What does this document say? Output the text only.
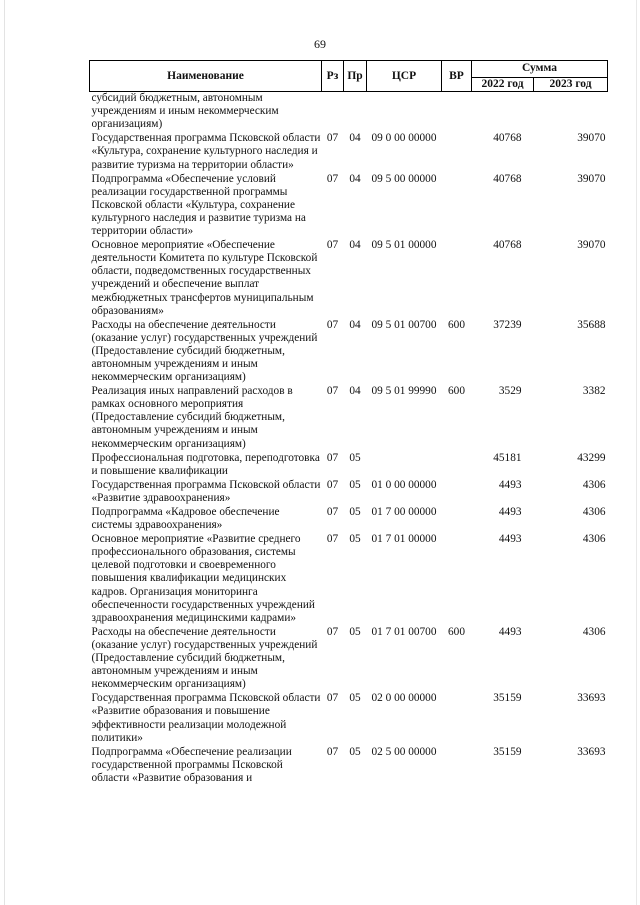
69
Наименование	Рз	Пр	ЦСР	ВР	Сумма	
					2022 год	2023 год
субсидий бюджетным, автономным учреждениям и иным некоммерческим организациям)						
Государственная программа Псковской области «Культура, сохранение культурного наследия и развитие туризма на территории области»	07	04	09 0 00 00000		40768	39070
Подпрограмма «Обеспечение условий реализации государственной программы Псковской области «Культура, сохранение культурного наследия и развитие туризма на территории области»	07	04	09 5 00 00000		40768	39070
Основное мероприятие «Обеспечение деятельности Комитета по культуре Псковской области, подведомственных государственных учреждений и обеспечение выплат межбюджетных трансфертов муниципальным образованиям»	07	04	09 5 01 00000		40768	39070
Расходы на обеспечение деятельности (оказание услуг) государственных учреждений (Предоставление субсидий бюджетным, автономным учреждениям и иным некоммерческим организациям)	07	04	09 5 01 00700	600	37239	35688
Реализация иных направлений расходов в рамках основного мероприятия (Предоставление субсидий бюджетным, автономным учреждениям и иным некоммерческим организациям)	07	04	09 5 01 99990	600	3529	3382
Профессиональная подготовка, переподготовка и повышение квалификации	07	05			45181	43299
Государственная программа Псковской области «Развитие здравоохранения»	07	05	01 0 00 00000		4493	4306
Подпрограмма «Кадровое обеспечение системы здравоохранения»	07	05	01 7 00 00000		4493	4306
Основное мероприятие «Развитие среднего профессионального образования, системы целевой подготовки и своевременного повышения квалификации медицинских кадров. Организация мониторинга обеспеченности государственных учреждений здравоохранения медицинскими кадрами»	07	05	01 7 01 00000		4493	4306
Расходы на обеспечение деятельности (оказание услуг) государственных учреждений (Предоставление субсидий бюджетным, автономным учреждениям и иным некоммерческим организациям)	07	05	01 7 01 00700	600	4493	4306
Государственная программа Псковской области «Развитие образования и повышение эффективности реализации молодежной политики»	07	05	02 0 00 00000		35159	33693
Подпрограмма «Обеспечение реализации государственной программы Псковской области «Развитие образования и	07	05	02 5 00 00000		35159	33693
